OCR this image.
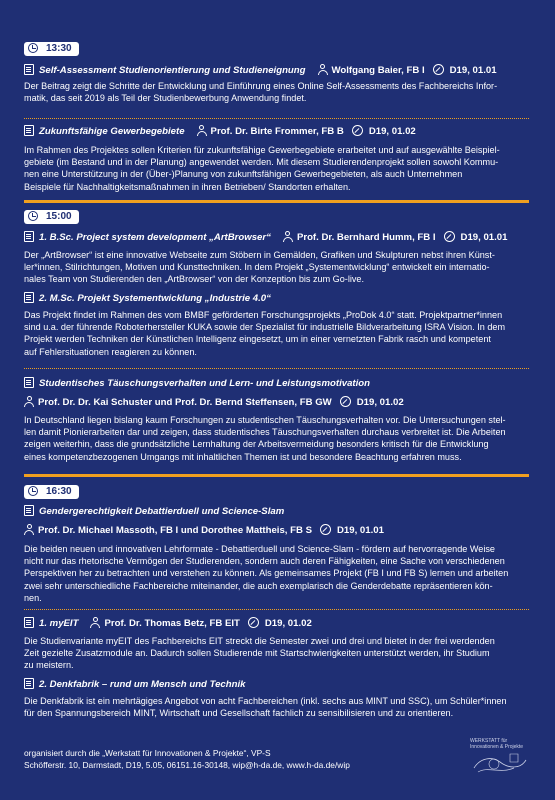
13:30
Self-Assessment Studienorientierung und Studieneignung	Wolfgang Baier, FB I	D19, 01.01

Der Beitrag zeigt die Schritte der Entwicklung und Einführung eines Online Self-Assessments des Fachbereichs Infor-
matik, das seit 2019 als Teil der Studienbewerbung Anwendung findet.

Zukunftsfähige Gewerbegebiete	Prof. Dr. Birte Frommer, FB B	D19, 01.02

Im Rahmen des Projektes sollen Kriterien für zukunftsfähige Gewerbegebiete erarbeitet und auf ausgewählte Beispiel-
gebiete (im Bestand und in der Planung) angewendet werden. Mit diesem Studierendenprojekt sollen sowohl Kommu-
nen eine Unterstützung in der (Über-)Planung von zukunftsfähigen Gewerbegebieten, als auch Unternehmen
Beispiele für Nachhaltigkeitsmaßnahmen in ihren Betrieben/ Standorten erhalten.

15:00
1. B.Sc. Project system development „ArtBrowser“	Prof. Dr. Bernhard Humm, FB I	D19, 01.01

Der „ArtBrowser“ ist eine innovative Webseite zum Stöbern in Gemälden, Grafiken und Skulpturen nebst ihren Künst-
ler*innen, Stilrichtungen, Motiven und Kunsttechniken. In dem Projekt „Systementwicklung“ entwickelt ein internatio-
nales Team von Studierenden den „ArtBrowser“ von der Konzeption bis zum Go-live.

2. M.Sc. Projekt Systementwicklung „Industrie 4.0“

Das Projekt findet im Rahmen des vom BMBF geförderten Forschungsprojekts „ProDok 4.0“ statt. Projektpartner*innen
sind u.a. der führende Roboterhersteller KUKA sowie der Spezialist für industrielle Bildverarbeitung ISRA Vision. In dem
Projekt werden Techniken der Künstlichen Intelligenz eingesetzt, um in einer vernetzten Fabrik rasch und kompetent
auf Fehlersituationen reagieren zu können.

Studentisches Täuschungsverhalten und Lern- und Leistungsmotivation
Prof. Dr. Dr. Kai Schuster und Prof. Dr. Bernd Steffensen, FB GW	D19, 01.02

In Deutschland liegen bislang kaum Forschungen zu studentischen Täuschungsverhalten vor. Die Untersuchungen stel-
len damit Pionierarbeiten dar und zeigen, dass studentisches Täuschungsverhalten durchaus verbreitet ist. Die Arbeiten
zeigen weiterhin, dass die grundsätzliche Lernhaltung der Arbeitsvermeidung besonders kritisch für die Entwicklung
eines kompetenzbezogenen Umgangs mit inhaltlichen Themen ist und besondere Beachtung erfahren muss.

16:30
Gendergerechtigkeit Debattierduell und Science-Slam
Prof. Dr. Michael Massoth, FB I und Dorothee Mattheis, FB S	D19, 01.01

Die beiden neuen und innovativen Lehrformate - Debattierduell und Science-Slam - fördern auf hervorragende Weise
nicht nur das rhetorische Vermögen der Studierenden, sondern auch deren Fähigkeiten, eine Sache von verschiedenen
Perspektiven her zu betrachten und verstehen zu können. Als gemeinsames Projekt (FB I und FB S) lernen und arbeiten
zwei sehr unterschiedliche Fachbereiche miteinander, die auch exemplarisch die Genderdebatte repräsentieren kön-
nen.

1. myEIT	Prof. Dr. Thomas Betz, FB EIT	D19, 01.02

Die Studienvariante myEIT des Fachbereichs EIT streckt die Semester zwei und drei und bietet in der frei werdenden
Zeit gezielte Zusatzmodule an. Dadurch sollen Studierende mit Startschwierigkeiten unterstützt werden, ihr Studium
zu meistern.

2. Denkfabrik – rund um Mensch und Technik

Die Denkfabrik ist ein mehrtägiges Angebot von acht Fachbereichen (inkl. sechs aus MINT und SSC), um Schüler*innen
für den Spannungsbereich MINT, Wirtschaft und Gesellschaft fachlich zu sensibilisieren und zu orientieren.

organisiert durch die „Werkstatt für Innovationen & Projekte“, VP-S
Schöfferstr. 10, Darmstadt, D19, 5.05, 06151.16-30148, wip@h-da.de, www.h-da.de/wip
WERKSTATT für Innovationen & Projekte
